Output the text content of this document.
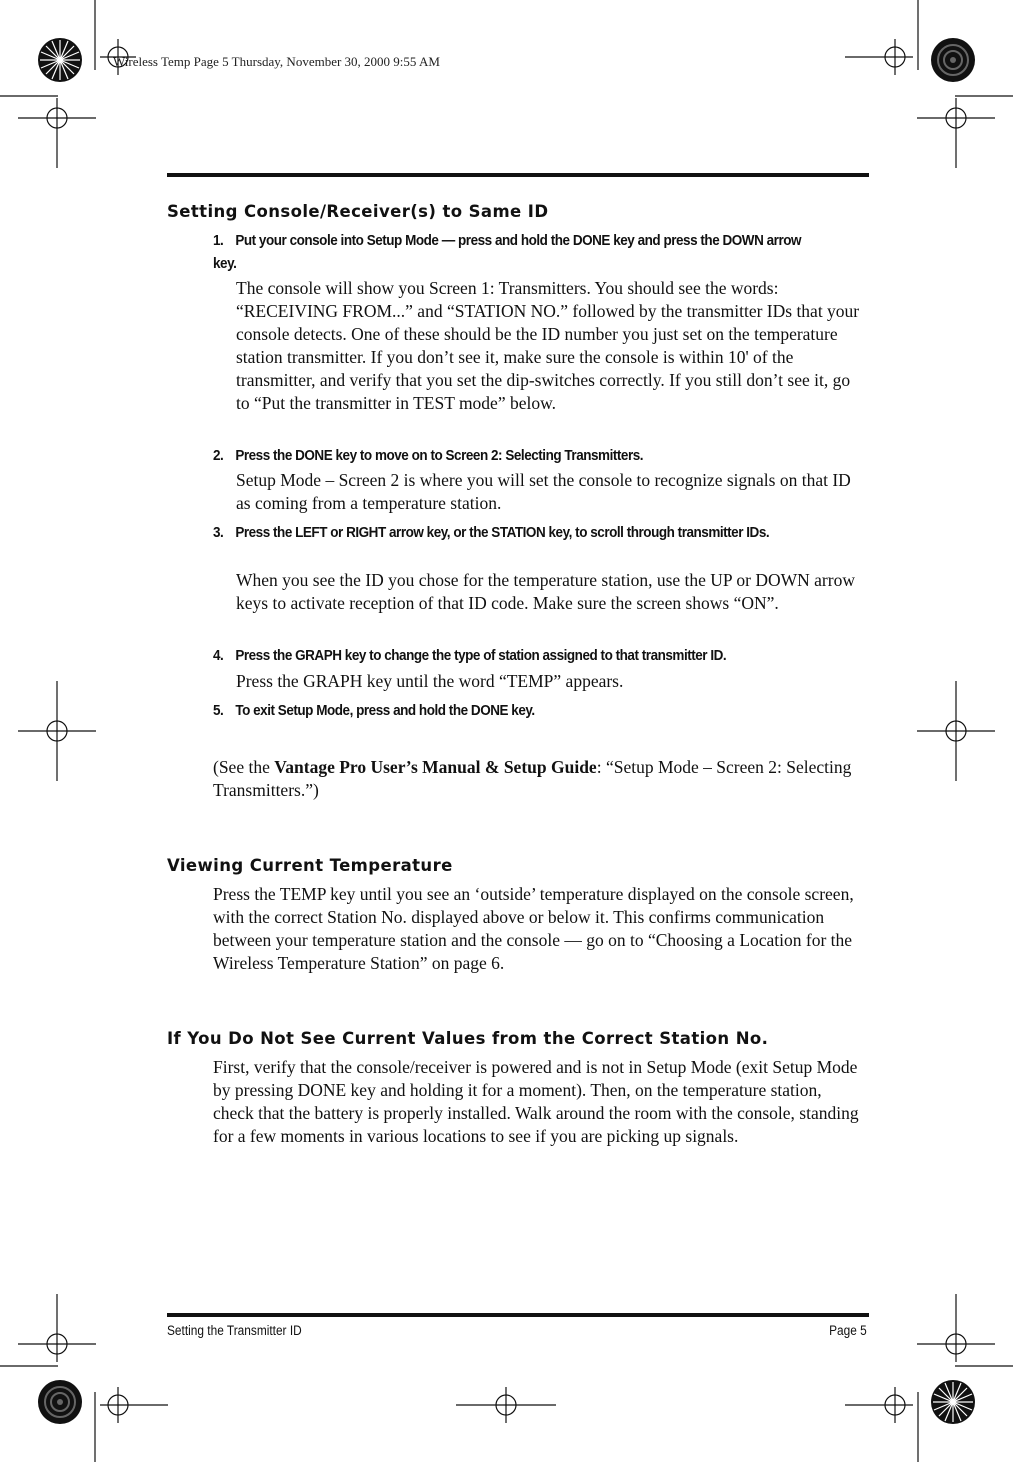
Wireless Temp Page 5 Thursday, November 30, 2000 9:55 AM
Setting Console/Receiver(s) to Same ID
1. Put your console into Setup Mode — press and hold the DONE key and press the DOWN arrow key.
The console will show you Screen 1: Transmitters. You should see the words: “RECEIVING FROM...” and “STATION NO.” followed by the transmitter IDs that your console detects. One of these should be the ID number you just set on the temperature station transmitter. If you don’t see it, make sure the console is within 10' of the transmitter, and verify that you set the dip-switches correctly. If you still don’t see it, go to “Put the transmitter in TEST mode” below.
2. Press the DONE key to move on to Screen 2: Selecting Transmitters.
Setup Mode – Screen 2 is where you will set the console to recognize signals on that ID as coming from a temperature station.
3. Press the LEFT or RIGHT arrow key, or the STATION key, to scroll through transmitter IDs.
When you see the ID you chose for the temperature station, use the UP or DOWN arrow keys to activate reception of that ID code. Make sure the screen shows “ON”.
4. Press the GRAPH key to change the type of station assigned to that transmitter ID.
Press the GRAPH key until the word “TEMP” appears.
5. To exit Setup Mode, press and hold the DONE key.
(See the Vantage Pro User’s Manual & Setup Guide: “Setup Mode – Screen 2: Selecting Transmitters.”)
Viewing Current Temperature
Press the TEMP key until you see an ‘outside’ temperature displayed on the console screen, with the correct Station No. displayed above or below it. This confirms communication between your temperature station and the console — go on to “Choosing a Location for the Wireless Temperature Station” on page 6.
If You Do Not See Current Values from the Correct Station No.
First, verify that the console/receiver is powered and is not in Setup Mode (exit Setup Mode by pressing DONE key and holding it for a moment). Then, on the temperature station, check that the battery is properly installed. Walk around the room with the console, standing for a few moments in various locations to see if you are picking up signals.
Setting the Transmitter ID	Page 5
